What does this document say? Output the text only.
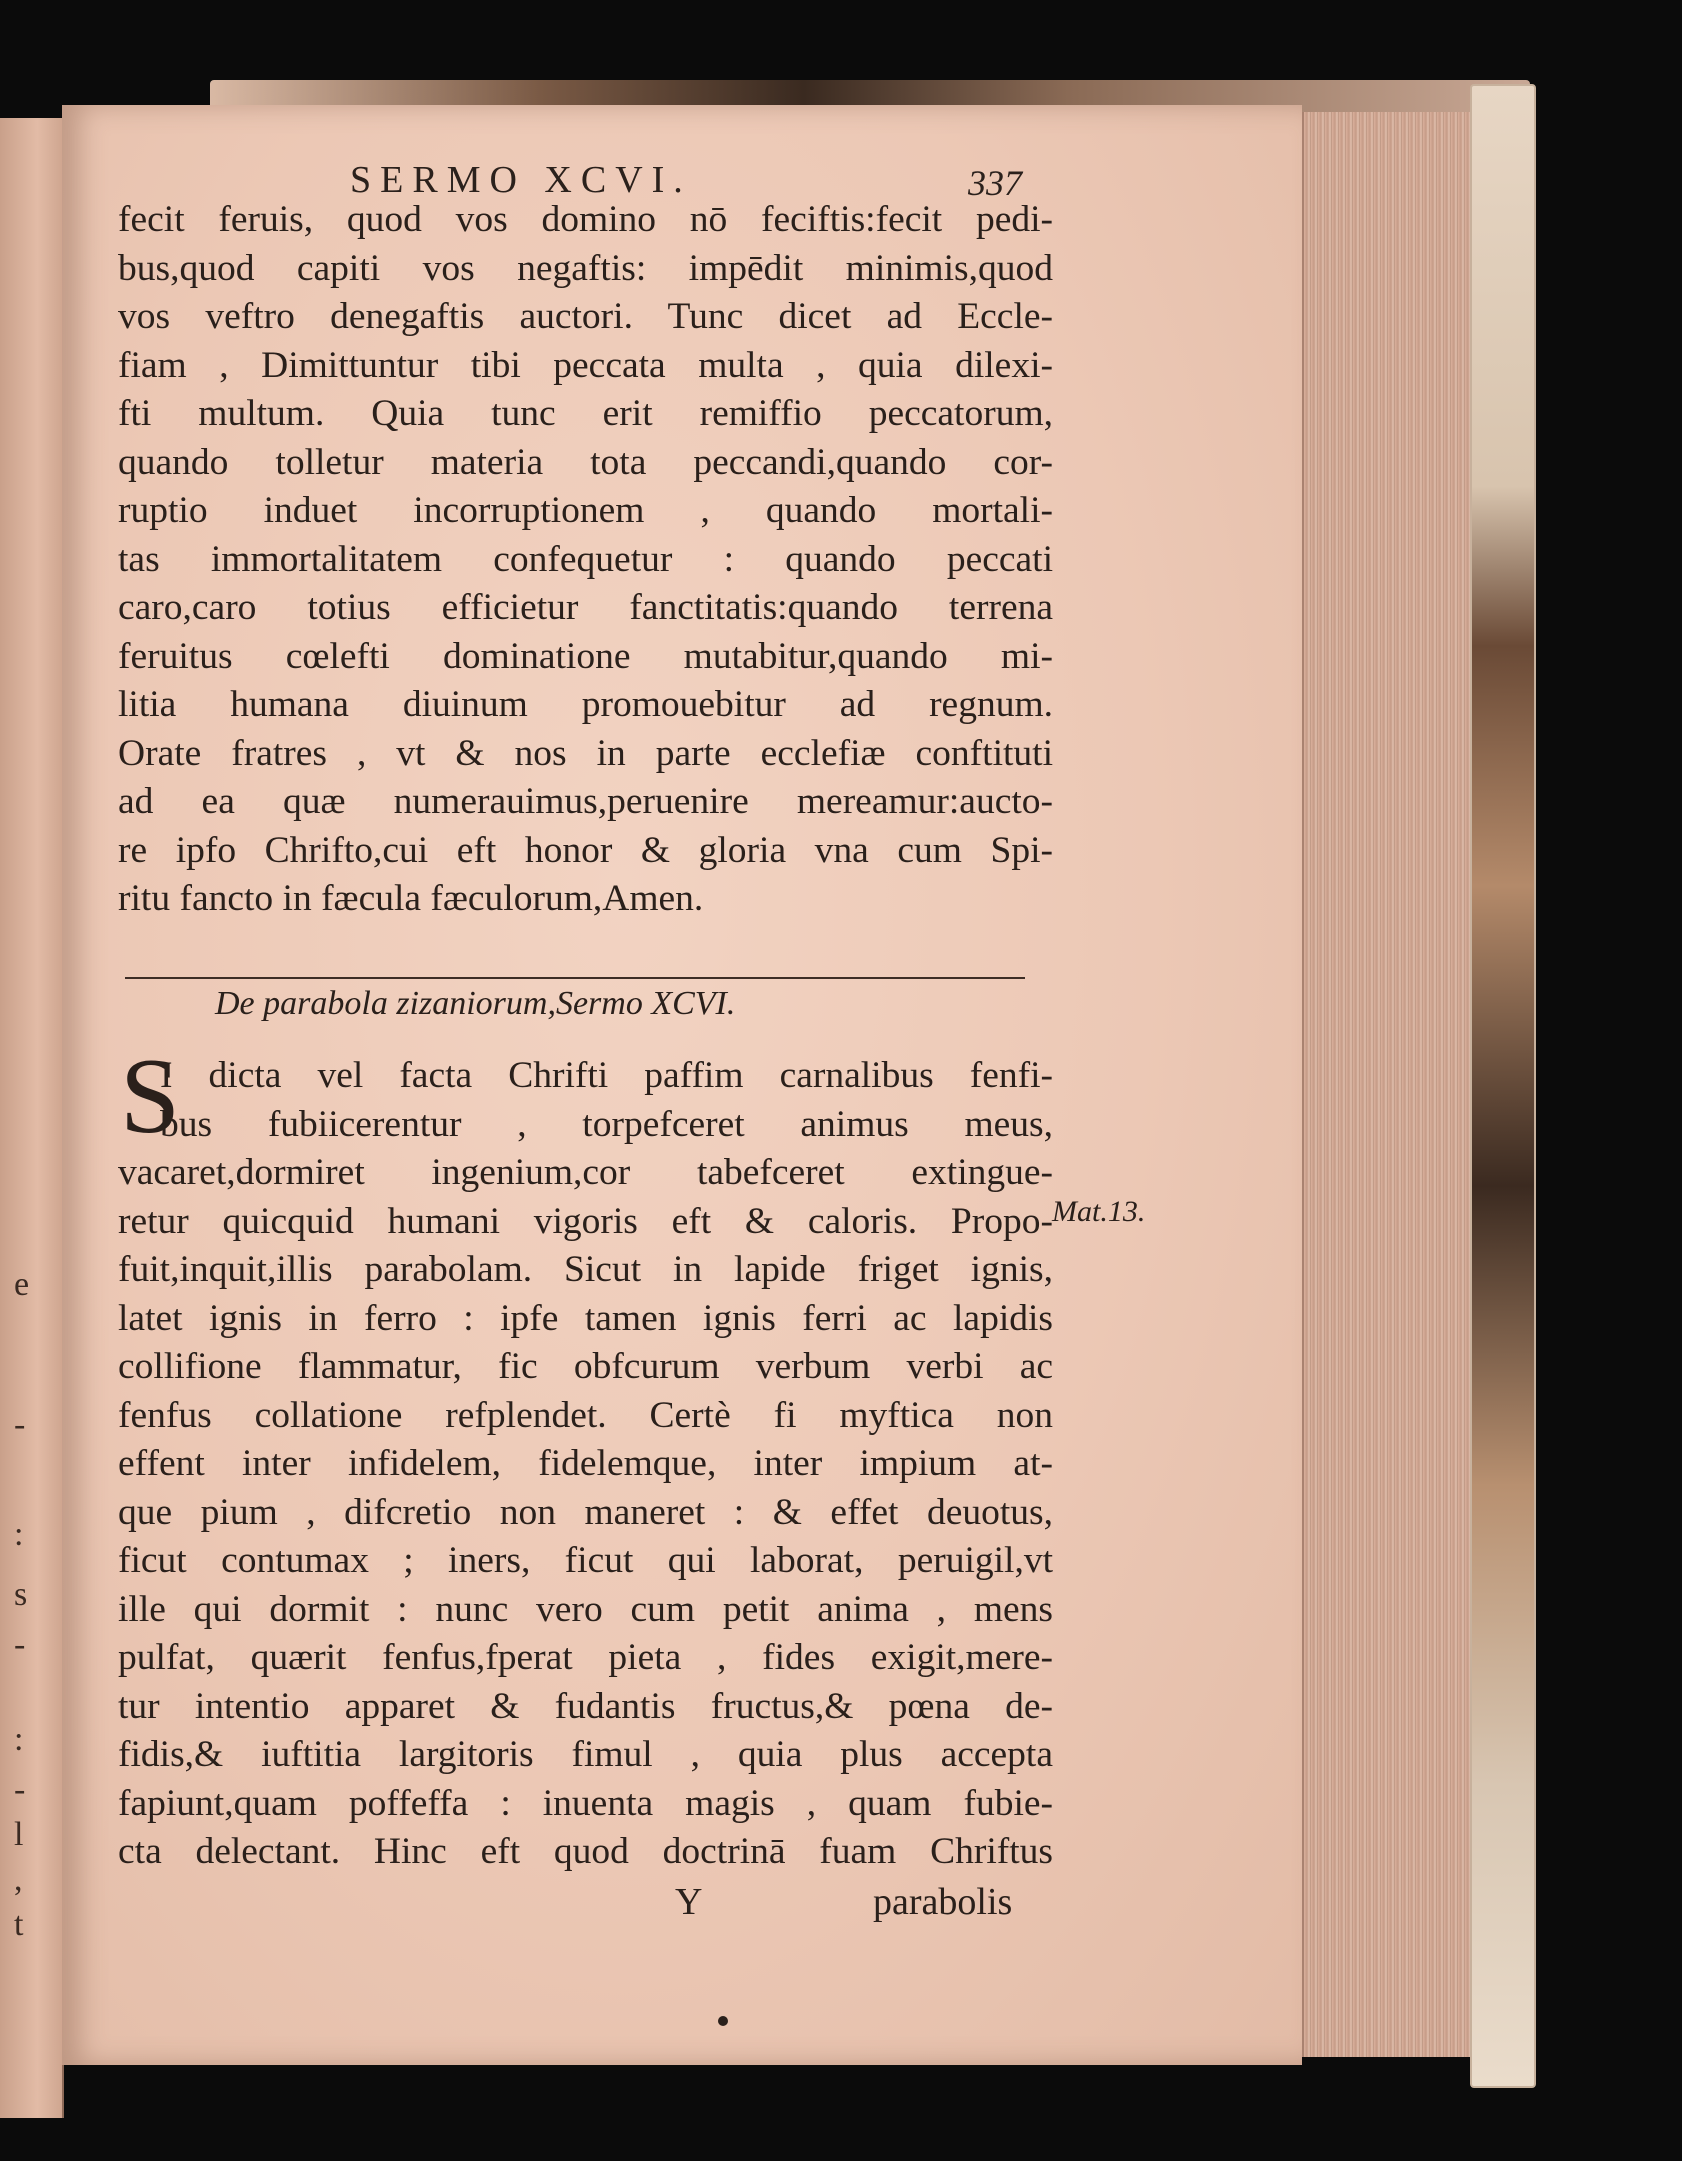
e
-
:
s
-
:
-
l
,
t
SERMO XCVI.	337
fecit feruis, quod vos domino nō feciftis:fecit pedi-
bus,quod capiti vos negaftis: impēdit minimis,quod
vos veftro denegaftis auctori. Tunc dicet ad Eccle-
fiam , Dimittuntur tibi peccata multa , quia dilexi-
fti multum. Quia tunc erit remiffio peccatorum,
quando tolletur materia tota peccandi,quando cor-
ruptio induet incorruptionem , quando mortali-
tas immortalitatem confequetur : quando peccati
caro,caro totius efficietur fanctitatis:quando terrena
feruitus cœlefti dominatione mutabitur,quando mi-
litia humana diuinum promouebitur ad regnum.
Orate fratres , vt & nos in parte ecclefiæ conftituti
ad ea quæ numerauimus,peruenire mereamur:aucto-
re ipfo Chrifto,cui eft honor & gloria vna cum Spi-
ritu fancto in fæcula fæculorum,Amen.
De parabola zizaniorum,Sermo XCVI.
S
I dicta vel facta Chrifti paffim carnalibus fenfi-
bus fubiicerentur , torpefceret animus meus,
vacaret,dormiret ingenium,cor tabefceret extingue-
retur quicquid humani vigoris eft & caloris. Propo-
fuit,inquit,illis parabolam. Sicut in lapide friget ignis,
latet ignis in ferro : ipfe tamen ignis ferri ac lapidis
collifione flammatur, fic obfcurum verbum verbi ac
fenfus collatione refplendet. Certè fi myftica non
effent inter infidelem, fidelemque, inter impium at-
que pium , difcretio non maneret : & effet deuotus,
ficut contumax ; iners, ficut qui laborat, peruigil,vt
ille qui dormit : nunc vero cum petit anima , mens
pulfat, quærit fenfus,fperat pieta , fides exigit,mere-
tur intentio apparet & fudantis fructus,& pœna de-
fidis,& iuftitia largitoris fimul , quia plus accepta
fapiunt,quam poffeffa : inuenta magis , quam fubie-
cta delectant. Hinc eft quod doctrinā fuam Chriftus
Mat.13.
Y	parabolis
